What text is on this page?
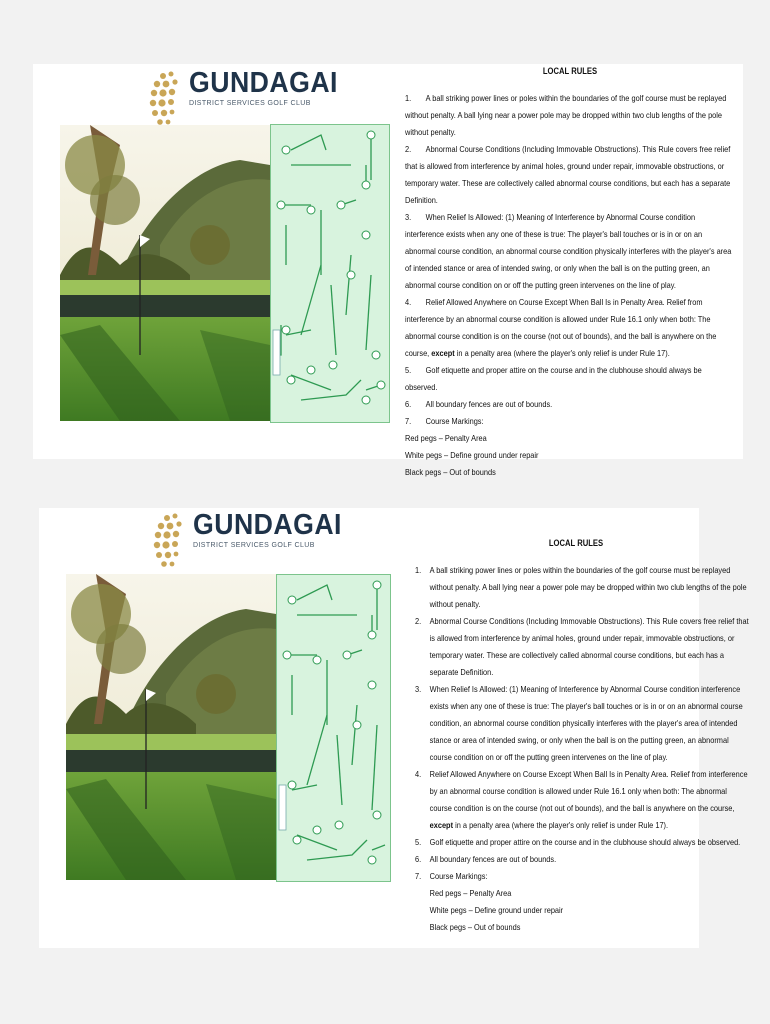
GUNDAGAI
DISTRICT SERVICES GOLF CLUB
LOCAL RULES

1. A ball striking power lines or poles within the boundaries of the golf course must be replayed without penalty. A ball lying near a power pole may be dropped within two club lengths of the pole without penalty.

2. Abnormal Course Conditions (Including Immovable Obstructions). This Rule covers free relief that is allowed from interference by animal holes, ground under repair, immovable obstructions, or temporary water. These are collectively called abnormal course conditions, but each has a separate Definition.

3. When Relief Is Allowed: (1) Meaning of Interference by Abnormal Course condition interference exists when any one of these is true: The player's ball touches or is in or on an abnormal course condition, an abnormal course condition physically interferes with the player's area of intended stance or area of intended swing, or only when the ball is on the putting green, an abnormal course condition on or off the putting green intervenes on the line of play.

4. Relief Allowed Anywhere on Course Except When Ball Is in Penalty Area. Relief from interference by an abnormal course condition is allowed under Rule 16.1 only when both: The abnormal course condition is on the course (not out of bounds), and the ball is anywhere on the course, except in a penalty area (where the player's only relief is under Rule 17).

5. Golf etiquette and proper attire on the course and in the clubhouse should always be observed.

6. All boundary fences are out of bounds.

7. Course Markings:

Red pegs – Penalty Area

White pegs – Define ground under repair

Black pegs – Out of bounds

GUNDAGAI
DISTRICT SERVICES GOLF CLUB	LOCAL RULES

1. A ball striking power lines or poles within the boundaries of the golf course must be replayed without penalty. A ball lying near a power pole may be dropped within two club lengths of the pole without penalty.

2. Abnormal Course Conditions (Including Immovable Obstructions). This Rule covers free relief that is allowed from interference by animal holes, ground under repair, immovable obstructions, or temporary water. These are collectively called abnormal course conditions, but each has a separate Definition.

3. When Relief Is Allowed: (1) Meaning of Interference by Abnormal Course condition interference exists when any one of these is true: The player's ball touches or is in or on an abnormal course condition, an abnormal course condition physically interferes with the player's area of intended stance or area of intended swing, or only when the ball is on the putting green, an abnormal course condition on or off the putting green intervenes on the line of play.

4. Relief Allowed Anywhere on Course Except When Ball Is in Penalty Area. Relief from interference by an abnormal course condition is allowed under Rule 16.1 only when both: The abnormal course condition is on the course (not out of bounds), and the ball is anywhere on the course, except in a penalty area (where the player's only relief is under Rule 17).

5. Golf etiquette and proper attire on the course and in the clubhouse should always be observed.

6. All boundary fences are out of bounds.

7. Course Markings:

Red pegs – Penalty Area

White pegs – Define ground under repair

Black pegs – Out of bounds
